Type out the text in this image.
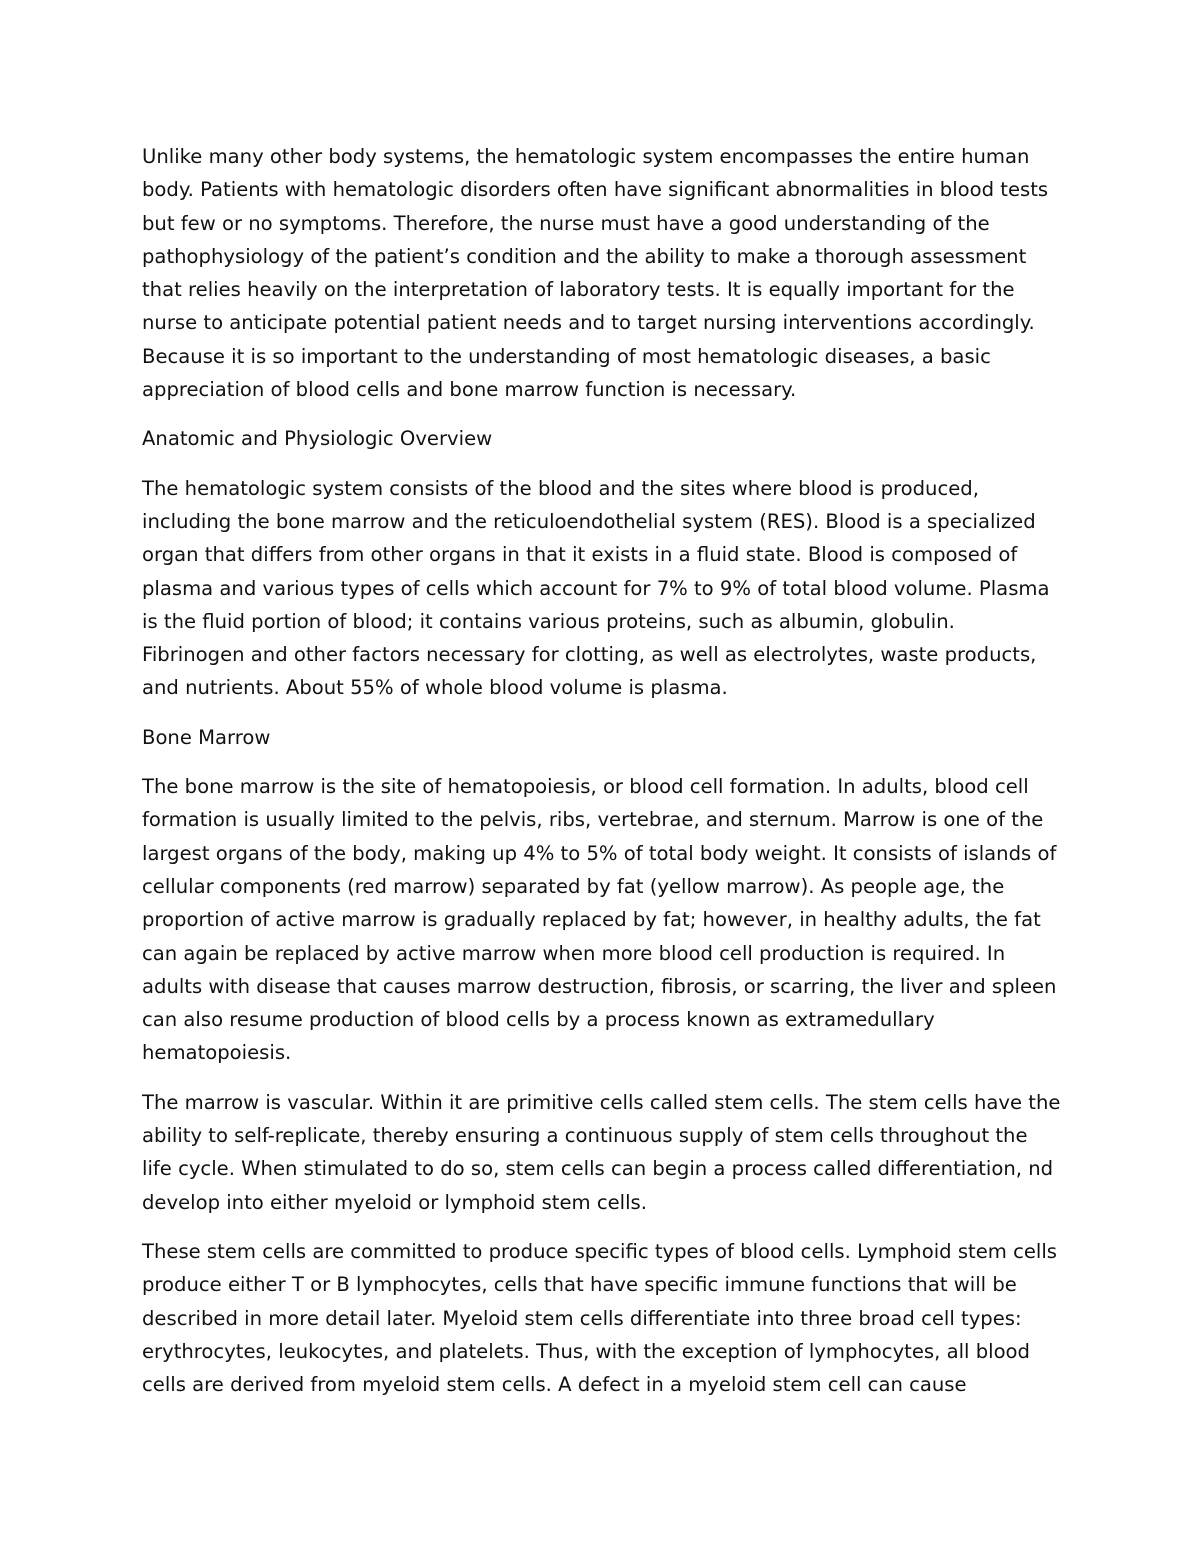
Unlike many other body systems, the hematologic system encompasses the entire human body. Patients with hematologic disorders often have significant abnormalities in blood tests but few or no symptoms. Therefore, the nurse must have a good understanding of the pathophysiology of the patient’s condition and the ability to make a thorough assessment that relies heavily on the interpretation of laboratory tests. It is equally important for the nurse to anticipate potential patient needs and to target nursing interventions accordingly. Because it is so important to the understanding of most hematologic diseases, a basic appreciation of blood cells and bone marrow function is necessary.

Anatomic and Physiologic Overview

The hematologic system consists of the blood and the sites where blood is produced, including the bone marrow and the reticuloendothelial system (RES). Blood is a specialized organ that differs from other organs in that it exists in a fluid state. Blood is composed of plasma and various types of cells which account for 7% to 9% of total blood volume. Plasma is the fluid portion of blood; it contains various proteins, such as albumin, globulin. Fibrinogen and other factors necessary for clotting, as well as electrolytes, waste products, and nutrients. About 55% of whole blood volume is plasma.

Bone Marrow

The bone marrow is the site of hematopoiesis, or blood cell formation. In adults, blood cell formation is usually limited to the pelvis, ribs, vertebrae, and sternum. Marrow is one of the largest organs of the body, making up 4% to 5% of total body weight. It consists of islands of cellular components (red marrow) separated by fat (yellow marrow). As people age, the proportion of active marrow is gradually replaced by fat; however, in healthy adults, the fat can again be replaced by active marrow when more blood cell production is required. In adults with disease that causes marrow destruction, fibrosis, or scarring, the liver and spleen can also resume production of blood cells by a process known as extramedullary hematopoiesis.

The marrow is vascular. Within it are primitive cells called stem cells. The stem cells have the ability to self-replicate, thereby ensuring a continuous supply of stem cells throughout the life cycle. When stimulated to do so, stem cells can begin a process called differentiation, nd develop into either myeloid or lymphoid stem cells.

These stem cells are committed to produce specific types of blood cells. Lymphoid stem cells produce either T or B lymphocytes, cells that have specific immune functions that will be described in more detail later. Myeloid stem cells differentiate into three broad cell types: erythrocytes, leukocytes, and platelets. Thus, with the exception of lymphocytes, all blood cells are derived from myeloid stem cells. A defect in a myeloid stem cell can cause
